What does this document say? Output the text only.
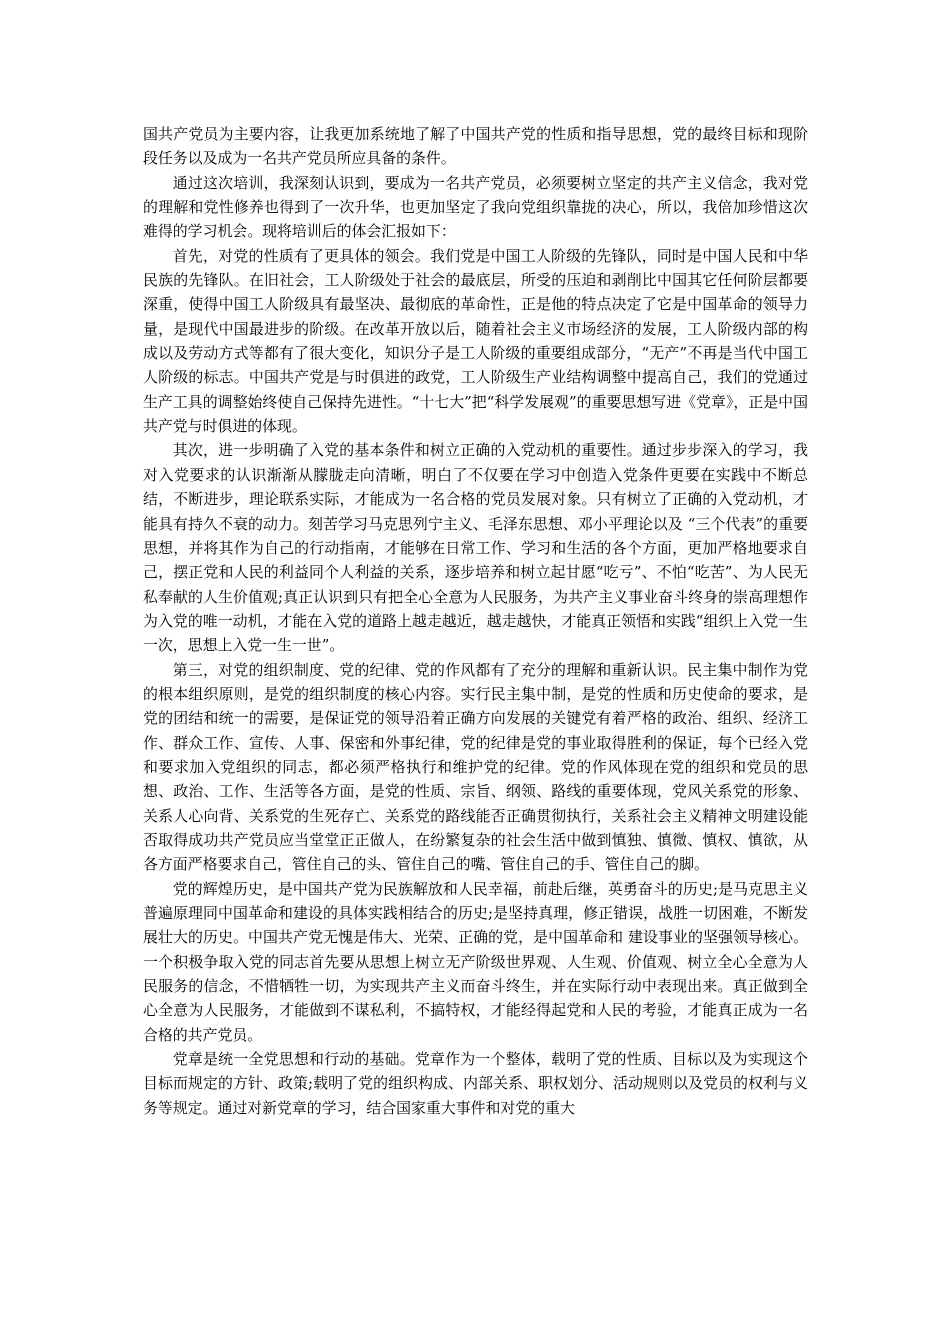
国共产党员为主要内容，让我更加系统地了解了中国共产党的性质和指导思想，党的最终目标和现阶段任务以及成为一名共产党员所应具备的条件。

通过这次培训，我深刻认识到，要成为一名共产党员，必须要树立坚定的共产主义信念，我对党的理解和党性修养也得到了一次升华，也更加坚定了我向党组织靠拢的决心，所以，我倍加珍惜这次难得的学习机会。现将培训后的体会汇报如下：

首先，对党的性质有了更具体的领会。我们党是中国工人阶级的先锋队，同时是中国人民和中华民族的先锋队。在旧社会，工人阶级处于社会的最底层，所受的压迫和剥削比中国其它任何阶层都要深重，使得中国工人阶级具有最坚决、最彻底的革命性，正是他的特点决定了它是中国革命的领导力量，是现代中国最进步的阶级。在改革开放以后，随着社会主义市场经济的发展，工人阶级内部的构成以及劳动方式等都有了很大变化，知识分子是工人阶级的重要组成部分，“无产”不再是当代中国工人阶级的标志。中国共产党是与时俱进的政党，工人阶级生产业结构调整中提高自己，我们的党通过生产工具的调整始终使自己保持先进性。“十七大”把“科学发展观”的重要思想写进《党章》，正是中国共产党与时俱进的体现。

其次，进一步明确了入党的基本条件和树立正确的入党动机的重要性。通过步步深入的学习，我对入党要求的认识渐渐从朦胧走向清晰，明白了不仅要在学习中创造入党条件更要在实践中不断总结，不断进步，理论联系实际，才能成为一名合格的党员发展对象。只有树立了正确的入党动机，才能具有持久不衰的动力。刻苦学习马克思列宁主义、毛泽东思想、邓小平理论以及 “三个代表”的重要思想，并将其作为自己的行动指南，才能够在日常工作、学习和生活的各个方面，更加严格地要求自己，摆正党和人民的利益同个人利益的关系，逐步培养和树立起甘愿“吃亏”、不怕“吃苦”、为人民无私奉献的人生价值观;真正认识到只有把全心全意为人民服务，为共产主义事业奋斗终身的崇高理想作为入党的唯一动机，才能在入党的道路上越走越近，越走越快，才能真正领悟和实践“组织上入党一生一次，思想上入党一生一世”。

第三，对党的组织制度、党的纪律、党的作风都有了充分的理解和重新认识。民主集中制作为党的根本组织原则，是党的组织制度的核心内容。实行民主集中制，是党的性质和历史使命的要求，是党的团结和统一的需要，是保证党的领导沿着正确方向发展的关键党有着严格的政治、组织、经济工作、群众工作、宣传、人事、保密和外事纪律，党的纪律是党的事业取得胜利的保证，每个已经入党和要求加入党组织的同志，都必须严格执行和维护党的纪律。党的作风体现在党的组织和党员的思想、政治、工作、生活等各方面，是党的性质、宗旨、纲领、路线的重要体现，党风关系党的形象、关系人心向背、关系党的生死存亡、关系党的路线能否正确贯彻执行，关系社会主义精神文明建设能否取得成功共产党员应当堂堂正正做人，在纷繁复杂的社会生活中做到慎独、慎微、慎权、慎欲，从各方面严格要求自己，管住自己的头、管住自己的嘴、管住自己的手、管住自己的脚。

党的辉煌历史，是中国共产党为民族解放和人民幸福，前赴后继，英勇奋斗的历史;是马克思主义普遍原理同中国革命和建设的具体实践相结合的历史;是坚持真理，修正错误，战胜一切困难，不断发展壮大的历史。中国共产党无愧是伟大、光荣、正确的党，是中国革命和 建设事业的坚强领导核心。一个积极争取入党的同志首先要从思想上树立无产阶级世界观、人生观、价值观、树立全心全意为人民服务的信念，不惜牺牲一切，为实现共产主义而奋斗终生，并在实际行动中表现出来。真正做到全心全意为人民服务，才能做到不谋私利，不搞特权，才能经得起党和人民的考验，才能真正成为一名合格的共产党员。

党章是统一全党思想和行动的基础。党章作为一个整体，载明了党的性质、目标以及为实现这个目标而规定的方针、政策;载明了党的组织构成、内部关系、职权划分、活动规则以及党员的权利与义务等规定。通过对新党章的学习，结合国家重大事件和对党的重大
